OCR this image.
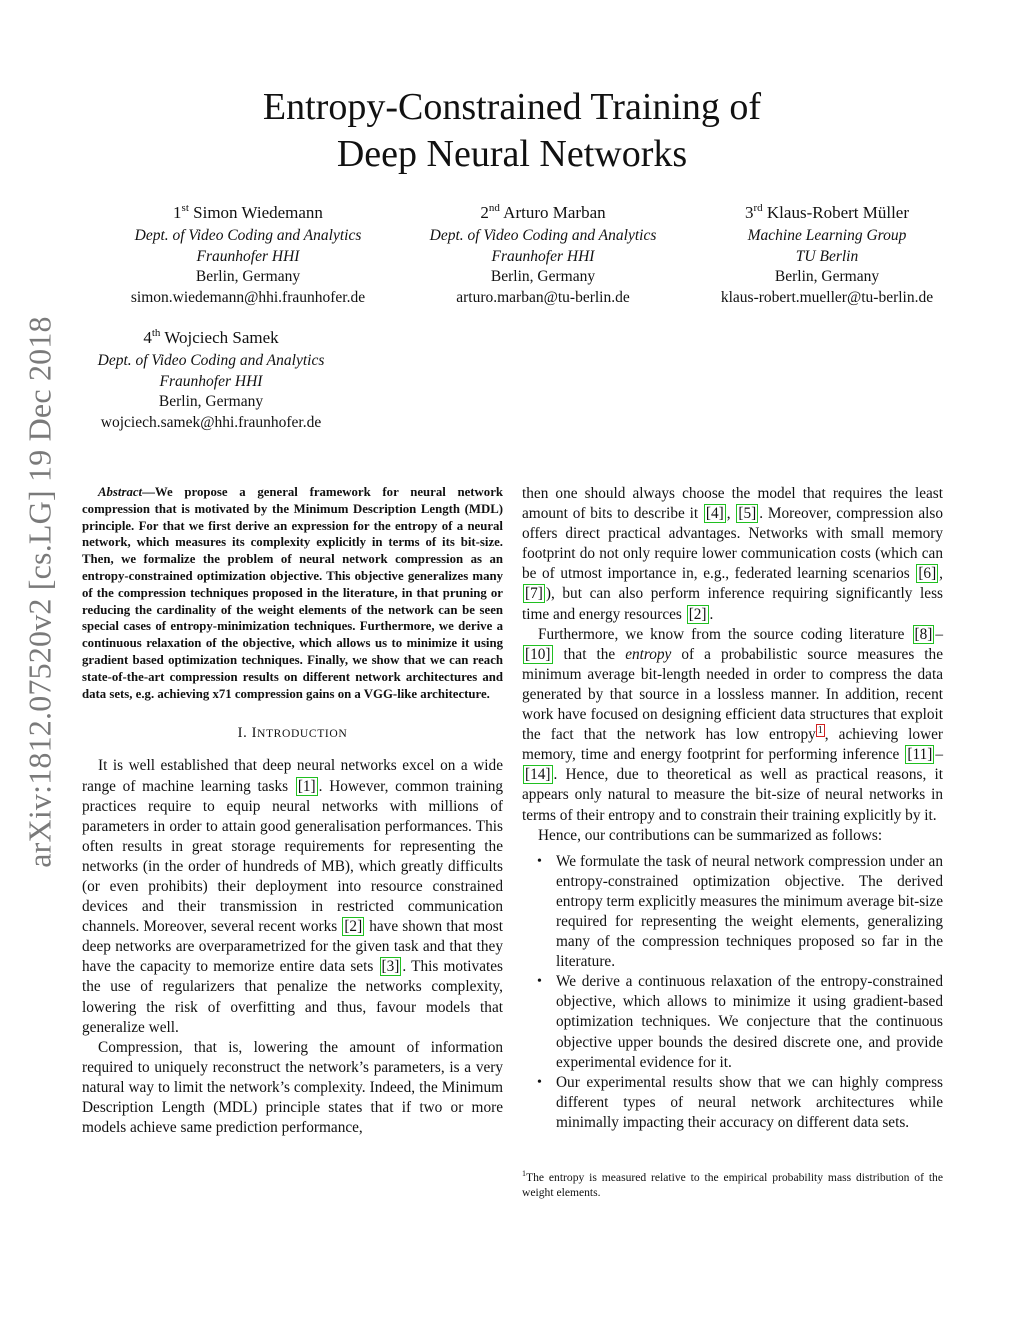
arXiv:1812.07520v2 [cs.LG] 19 Dec 2018
Entropy-Constrained Training of
Deep Neural Networks
1st Simon Wiedemann
Dept. of Video Coding and Analytics
Fraunhofer HHI
Berlin, Germany
simon.wiedemann@hhi.fraunhofer.de
2nd Arturo Marban
Dept. of Video Coding and Analytics
Fraunhofer HHI
Berlin, Germany
arturo.marban@tu-berlin.de
3rd Klaus-Robert Müller
Machine Learning Group
TU Berlin
Berlin, Germany
klaus-robert.mueller@tu-berlin.de
4th Wojciech Samek
Dept. of Video Coding and Analytics
Fraunhofer HHI
Berlin, Germany
wojciech.samek@hhi.fraunhofer.de

Abstract—We propose a general framework for neural network compression that is motivated by the Minimum Description Length (MDL) principle. For that we first derive an expression for the entropy of a neural network, which measures its complexity explicitly in terms of its bit-size. Then, we formalize the problem of neural network compression as an entropy-constrained optimization objective. This objective generalizes many of the compression techniques proposed in the literature, in that pruning or reducing the cardinality of the weight elements of the network can be seen special cases of entropy-minimization techniques. Furthermore, we derive a continuous relaxation of the objective, which allows us to minimize it using gradient based optimization techniques. Finally, we show that we can reach state-of-the-art compression results on different network architectures and data sets, e.g. achieving x71 compression gains on a VGG-like architecture.

I. INTRODUCTION

It is well established that deep neural networks excel on a wide range of machine learning tasks [1] . However, common training practices require to equip neural networks with millions of parameters in order to attain good generalisation performances. This often results in great storage requirements for representing the networks (in the order of hundreds of MB), which greatly difficults (or even prohibits) their deployment into resource constrained devices and their transmission in restricted communication channels. Moreover, several recent works [2] have shown that most deep networks are overparametrized for the given task and that they have the capacity to memorize entire data sets [3] . This motivates the use of regularizers that penalize the networks complexity, lowering the risk of overfitting and thus, favour models that generalize well.

Compression, that is, lowering the amount of information required to uniquely reconstruct the network’s parameters, is a very natural way to limit the network’s complexity. Indeed, the Minimum Description Length (MDL) principle states that if two or more models achieve same prediction performance,

then one should always choose the model that requires the least amount of bits to describe it [4] , [5] . Moreover, compression also offers direct practical advantages. Networks with small memory footprint do not only require lower communication costs (which can be of utmost importance in, e.g., federated learning scenarios [6] , [7] ), but can also perform inference requiring significantly less time and energy resources [2] .

Furthermore, we know from the source coding literature [8] –[10] that the entropy of a probabilistic source measures the minimum average bit-length needed in order to compress the data generated by that source in a lossless manner. In addition, recent work have focused on designing efficient data structures that exploit the fact that the network has low entropy $^1$ , achieving lower memory, time and energy footprint for performing inference [11] –[14] . Hence, due to theoretical as well as practical reasons, it appears only natural to measure the bit-size of neural networks in terms of their entropy and to constrain their training explicitly by it.

Hence, our contributions can be summarized as follows:

• We formulate the task of neural network compression under an entropy-constrained optimization objective. The derived entropy term explicitly measures the minimum average bit-size required for representing the weight elements, generalizing many of the compression techniques proposed so far in the literature.
• We derive a continuous relaxation of the entropy-constrained objective, which allows to minimize it using gradient-based optimization techniques. We conjecture that the continuous objective upper bounds the desired discrete one, and provide experimental evidence for it.
• Our experimental results show that we can highly compress different types of neural network architectures while minimally impacting their accuracy on different data sets.
$^1$The entropy is measured relative to the empirical probability mass distribution of the weight elements.
